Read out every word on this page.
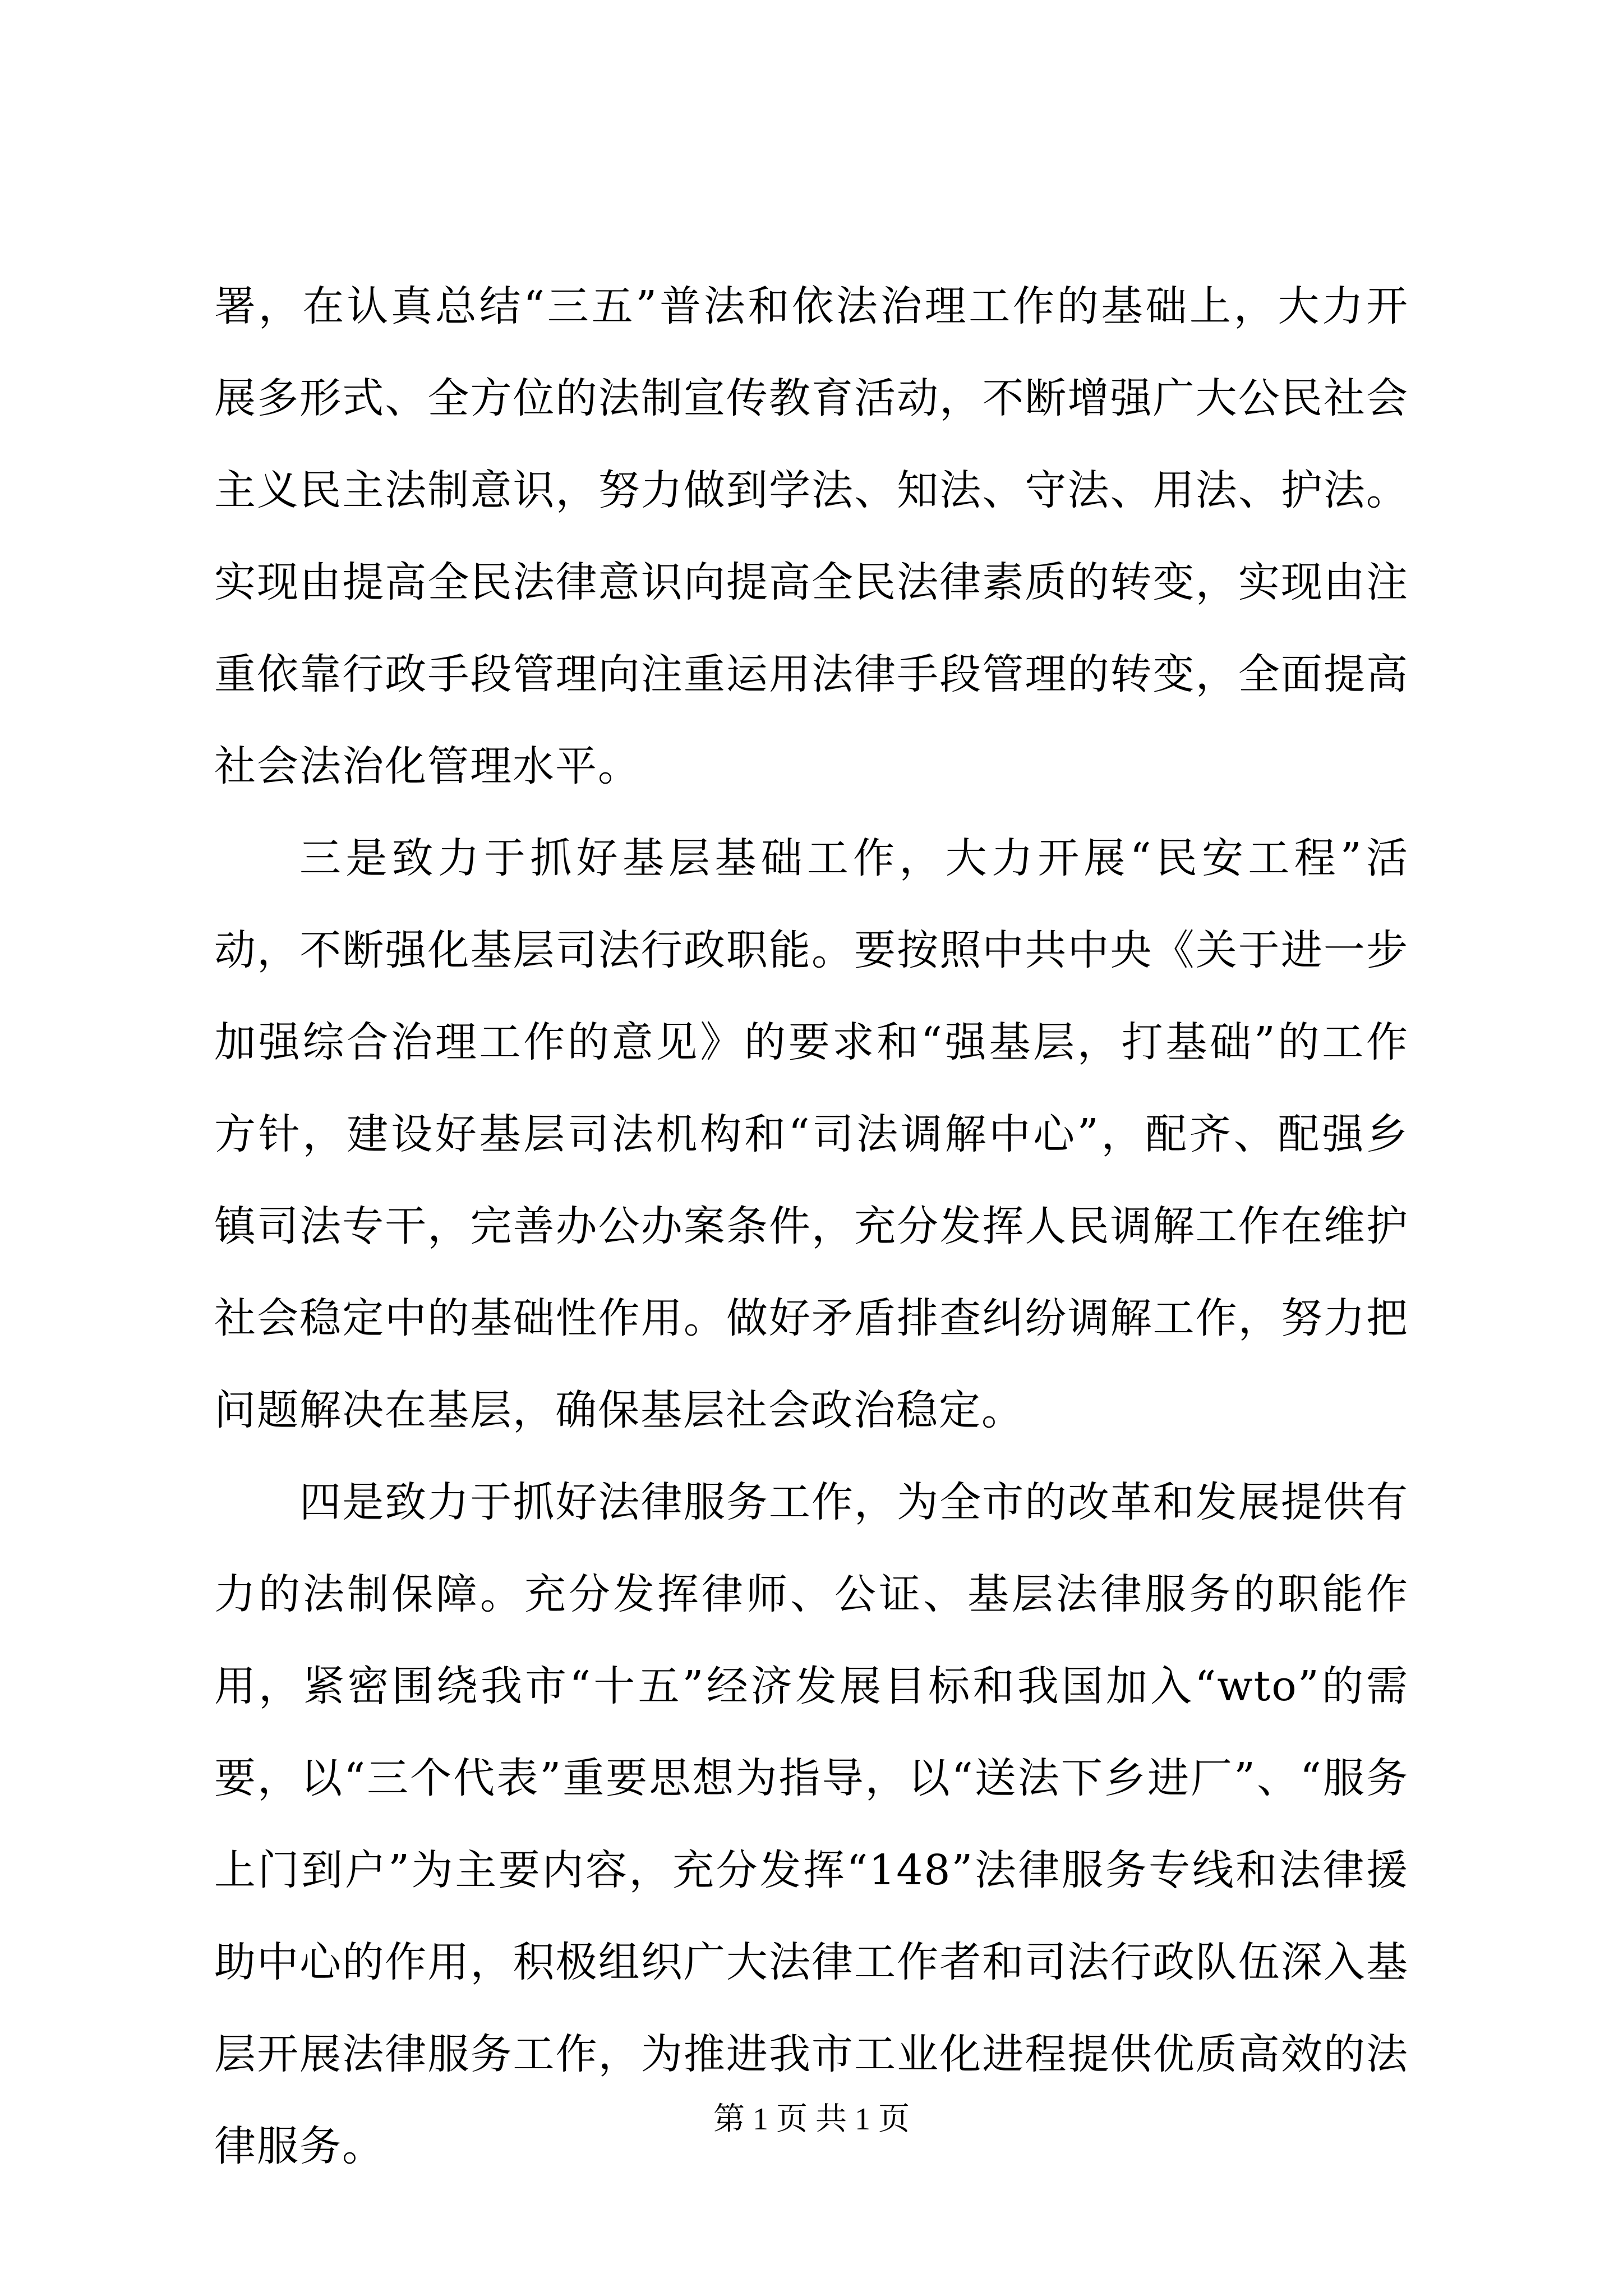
署，在认真总结“三五”普法和依法治理工作的基础上，大力开展多形式、全方位的法制宣传教育活动，不断增强广大公民社会主义民主法制意识，努力做到学法、知法、守法、用法、护法。实现由提高全民法律意识向提高全民法律素质的转变，实现由注重依靠行政手段管理向注重运用法律手段管理的转变，全面提高社会法治化管理水平。

三是致力于抓好基层基础工作，大力开展“民安工程”活动，不断强化基层司法行政职能。要按照中共中央《关于进一步加强综合治理工作的意见》的要求和“强基层，打基础”的工作方针，建设好基层司法机构和“司法调解中心”，配齐、配强乡镇司法专干，完善办公办案条件，充分发挥人民调解工作在维护社会稳定中的基础性作用。做好矛盾排查纠纷调解工作，努力把问题解决在基层，确保基层社会政治稳定。

四是致力于抓好法律服务工作，为全市的改革和发展提供有力的法制保障。充分发挥律师、公证、基层法律服务的职能作用，紧密围绕我市“十五”经济发展目标和我国加入“wto”的需要，以“三个代表”重要思想为指导，以“送法下乡进厂”、“服务上门到户”为主要内容，充分发挥“148”法律服务专线和法律援助中心的作用，积极组织广大法律工作者和司法行政队伍深入基层开展法律服务工作，为推进我市工业化进程提供优质高效的法律服务。

第 1 页 共 1 页
